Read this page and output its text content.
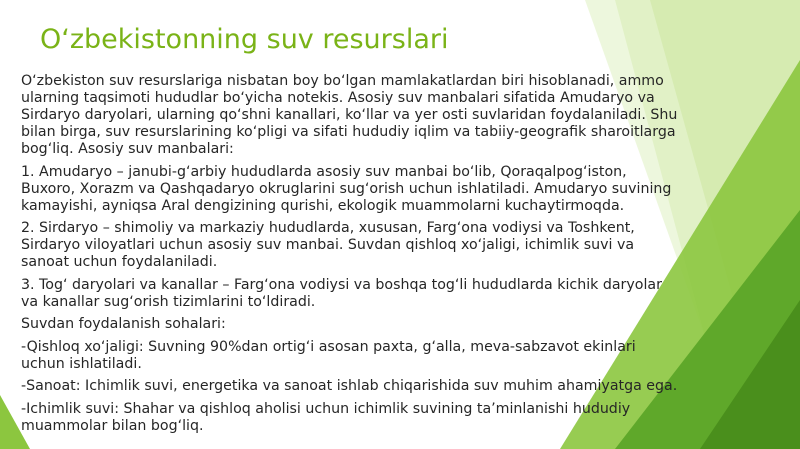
O‘zbekistonning suv resurslari

O‘zbekiston suv resurslariga nisbatan boy bo‘lgan mamlakatlardan biri hisoblanadi, ammo ularning taqsimoti hududlar bo‘yicha notekis. Asosiy suv manbalari sifatida Amudaryo va Sirdaryo daryolari, ularning qo‘shni kanallari, ko‘llar va yer osti suvlaridan foydalaniladi. Shu bilan birga, suv resurslarining ko‘pligi va sifati hududiy iqlim va tabiiy-geografik sharoitlarga bog‘liq. Asosiy suv manbalari:

1. Amudaryo – janubi-g‘arbiy hududlarda asosiy suv manbai bo‘lib, Qoraqalpog‘iston, Buxoro, Xorazm va Qashqadaryo okruglarini sug‘orish uchun ishlatiladi. Amudaryo suvining kamayishi, ayniqsa Aral dengizining qurishi, ekologik muammolarni kuchaytirmoqda.

2. Sirdaryo – shimoliy va markaziy hududlarda, xususan, Farg‘ona vodiysi va Toshkent, Sirdaryo viloyatlari uchun asosiy suv manbai. Suvdan qishloq xo‘jaligi, ichimlik suvi va sanoat uchun foydalaniladi.

3. Tog‘ daryolari va kanallar – Farg‘ona vodiysi va boshqa tog‘li hududlarda kichik daryolar va kanallar sug‘orish tizimlarini to‘ldiradi.

Suvdan foydalanish sohalari:

-Qishloq xo‘jaligi: Suvning 90%dan ortig‘i asosan paxta, g‘alla, meva-sabzavot ekinlari uchun ishlatiladi.

-Sanoat: Ichimlik suvi, energetika va sanoat ishlab chiqarishida suv muhim ahamiyatga ega.

-Ichimlik suvi: Shahar va qishloq aholisi uchun ichimlik suvining ta’minlanishi hududiy muammolar bilan bog‘liq.
